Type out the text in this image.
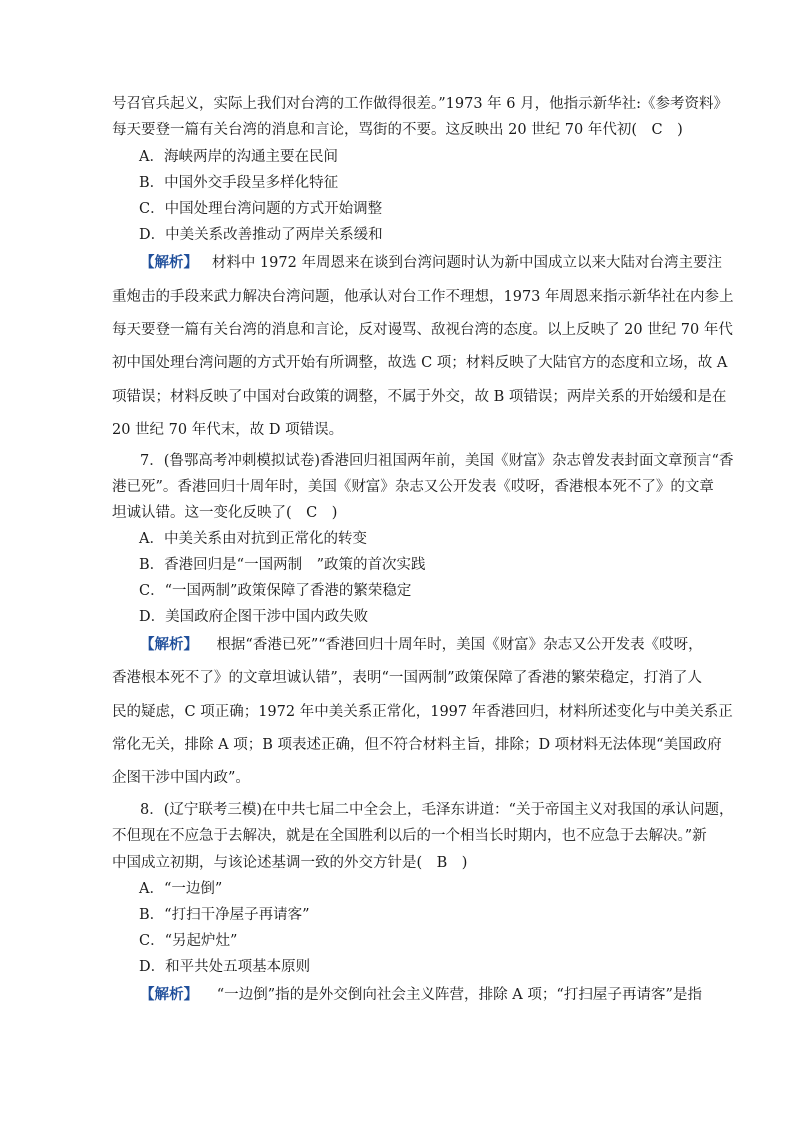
号召官兵起义，实际上我们对台湾的工作做得很差。”1973 年 6 月，他指示新华社:《参考资料》
每天要登一篇有关台湾的消息和言论，骂街的不要。这反映出 20 世纪 70 年代初(　C　)
A．海峡两岸的沟通主要在民间
B．中国外交手段呈多样化特征
C．中国处理台湾问题的方式开始调整
D．中美关系改善推动了两岸关系缓和
【解析】 材料中 1972 年周恩来在谈到台湾问题时认为新中国成立以来大陆对台湾主要注
重炮击的手段来武力解决台湾问题，他承认对台工作不理想，1973 年周恩来指示新华社在内参上
每天要登一篇有关台湾的消息和言论，反对谩骂、敌视台湾的态度。以上反映了 20 世纪 70 年代
初中国处理台湾问题的方式开始有所调整，故选 C 项；材料反映了大陆官方的态度和立场，故 A
项错误；材料反映了中国对台政策的调整，不属于外交，故 B 项错误；两岸关系的开始缓和是在
20 世纪 70 年代末，故 D 项错误。
7．(鲁鄂高考冲刺模拟试卷)香港回归祖国两年前，美国《财富》杂志曾发表封面文章预言“香
港已死”。香港回归十周年时，美国《财富》杂志又公开发表《哎呀，香港根本死不了》的文章
坦诚认错。这一变化反映了(　C　)
A．中美关系由对抗到正常化的转变
B．香港回归是“一国两制　”政策的首次实践
C．“一国两制”政策保障了香港的繁荣稳定
D．美国政府企图干涉中国内政失败
【解析】 根据“香港已死”“香港回归十周年时，美国《财富》杂志又公开发表《哎呀，
香港根本死不了》的文章坦诚认错”，表明“一国两制”政策保障了香港的繁荣稳定，打消了人
民的疑虑，C 项正确；1972 年中美关系正常化，1997 年香港回归，材料所述变化与中美关系正
常化无关，排除 A 项；B 项表述正确，但不符合材料主旨，排除；D 项材料无法体现“美国政府
企图干涉中国内政”。
8．(辽宁联考三模)在中共七届二中全会上，毛泽东讲道：“关于帝国主义对我国的承认问题，
不但现在不应急于去解决，就是在全国胜利以后的一个相当长时期内，也不应急于去解决。”新
中国成立初期，与该论述基调一致的外交方针是(　B　)
A．“一边倒”
B．“打扫干净屋子再请客”
C．“另起炉灶”
D．和平共处五项基本原则
【解析】 “一边倒”指的是外交倒向社会主义阵营，排除 A 项；“打扫屋子再请客”是指
